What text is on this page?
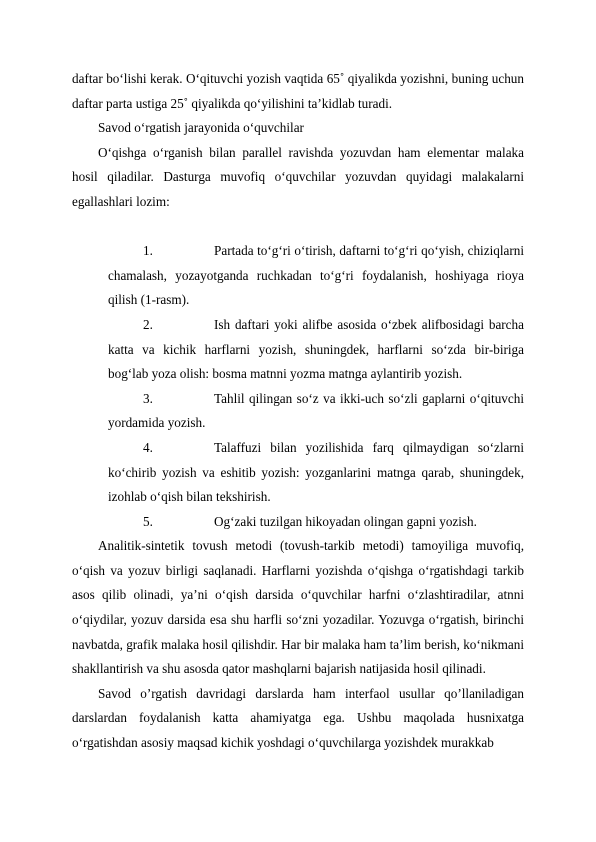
daftar bo‘lishi kerak. O‘qituvchi yozish vaqtida 65˚ qiyalikda yozishni, buning uchun daftar parta ustiga 25˚ qiyalikda qo‘yilishini ta’kidlab turadi.

Savod o‘rgatish jarayonida o‘quvchilar

O‘qishga o‘rganish bilan parallel ravishda yozuvdan ham elementar malaka hosil qiladilar. Dasturga muvofiq o‘quvchilar yozuvdan quyidagi malakalarni egallashlari lozim:

1.	Partada to‘g‘ri o‘tirish, daftarni to‘g‘ri qo‘yish, chiziqlarni chamalash, yozayotganda ruchkadan to‘g‘ri foydalanish, hoshiyaga rioya qilish (1-rasm).

2.	Ish daftari yoki alifbe asosida o‘zbek alifbosidagi barcha katta va kichik harflarni yozish, shuningdek, harflarni so‘zda bir-biriga bog‘lab yoza olish: bosma matnni yozma matnga aylantirib yozish.

3.	Tahlil qilingan so‘z va ikki-uch so‘zli gaplarni o‘qituvchi yordamida yozish.

4.	Talaffuzi bilan yozilishida farq qilmaydigan so‘zlarni ko‘chirib yozish va eshitib yozish: yozganlarini matnga qarab, shuningdek, izohlab o‘qish bilan tekshirish.

5.	Og‘zaki tuzilgan hikoyadan olingan gapni yozish.

Analitik-sintetik tovush metodi (tovush-tarkib metodi) tamoyiliga muvofiq, o‘qish va yozuv birligi saqlanadi. Harflarni yozishda o‘qishga o‘rgatishdagi tarkib asos qilib olinadi, ya’ni o‘qish darsida o‘quvchilar harfni o‘zlashtiradilar, atnni o‘qiydilar, yozuv darsida esa shu harfli so‘zni yozadilar. Yozuvga o‘rgatish, birinchi navbatda, grafik malaka hosil qilishdir. Har bir malaka ham ta’lim berish, ko‘nikmani shakllantirish va shu asosda qator mashqlarni bajarish natijasida hosil qilinadi.

Savod o’rgatish davridagi darslarda ham interfaol usullar qo’llaniladigan darslardan foydalanish katta ahamiyatga ega. Ushbu maqolada husnixatga o‘rgatishdan asosiy maqsad kichik yoshdagi o‘quvchilarga yozishdek murakkab
